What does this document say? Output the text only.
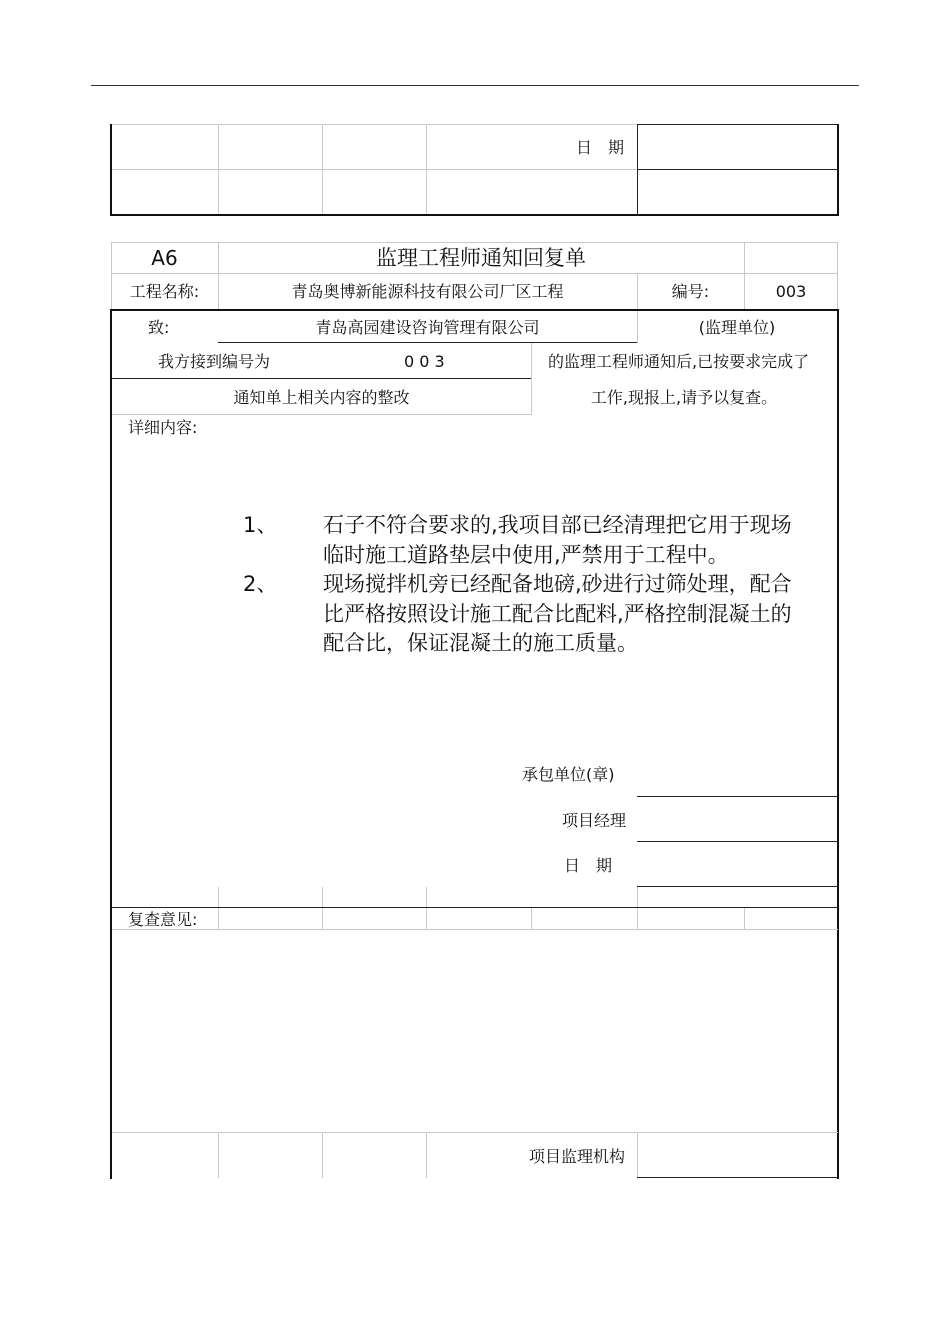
日　期
A6	监理工程师通知回复单
工程名称:	青岛奥博新能源科技有限公司厂区工程	编号:	003
致:	青岛高园建设咨询管理有限公司	(监理单位)
我方接到编号为	0 0 3	的监理工程师通知后,已按要求完成了
通知单上相关内容的整改	工作,现报上,请予以复查。
详细内容:
1、 石子不符合要求的,我项目部已经清理把它用于现场
临时施工道路垫层中使用,严禁用于工程中。
2、 现场搅拌机旁已经配备地磅,砂进行过筛处理，配合
比严格按照设计施工配合比配料,严格控制混凝土的
配合比，保证混凝土的施工质量。
承包单位(章)
项目经理
日　期
复查意见:
项目监理机构
